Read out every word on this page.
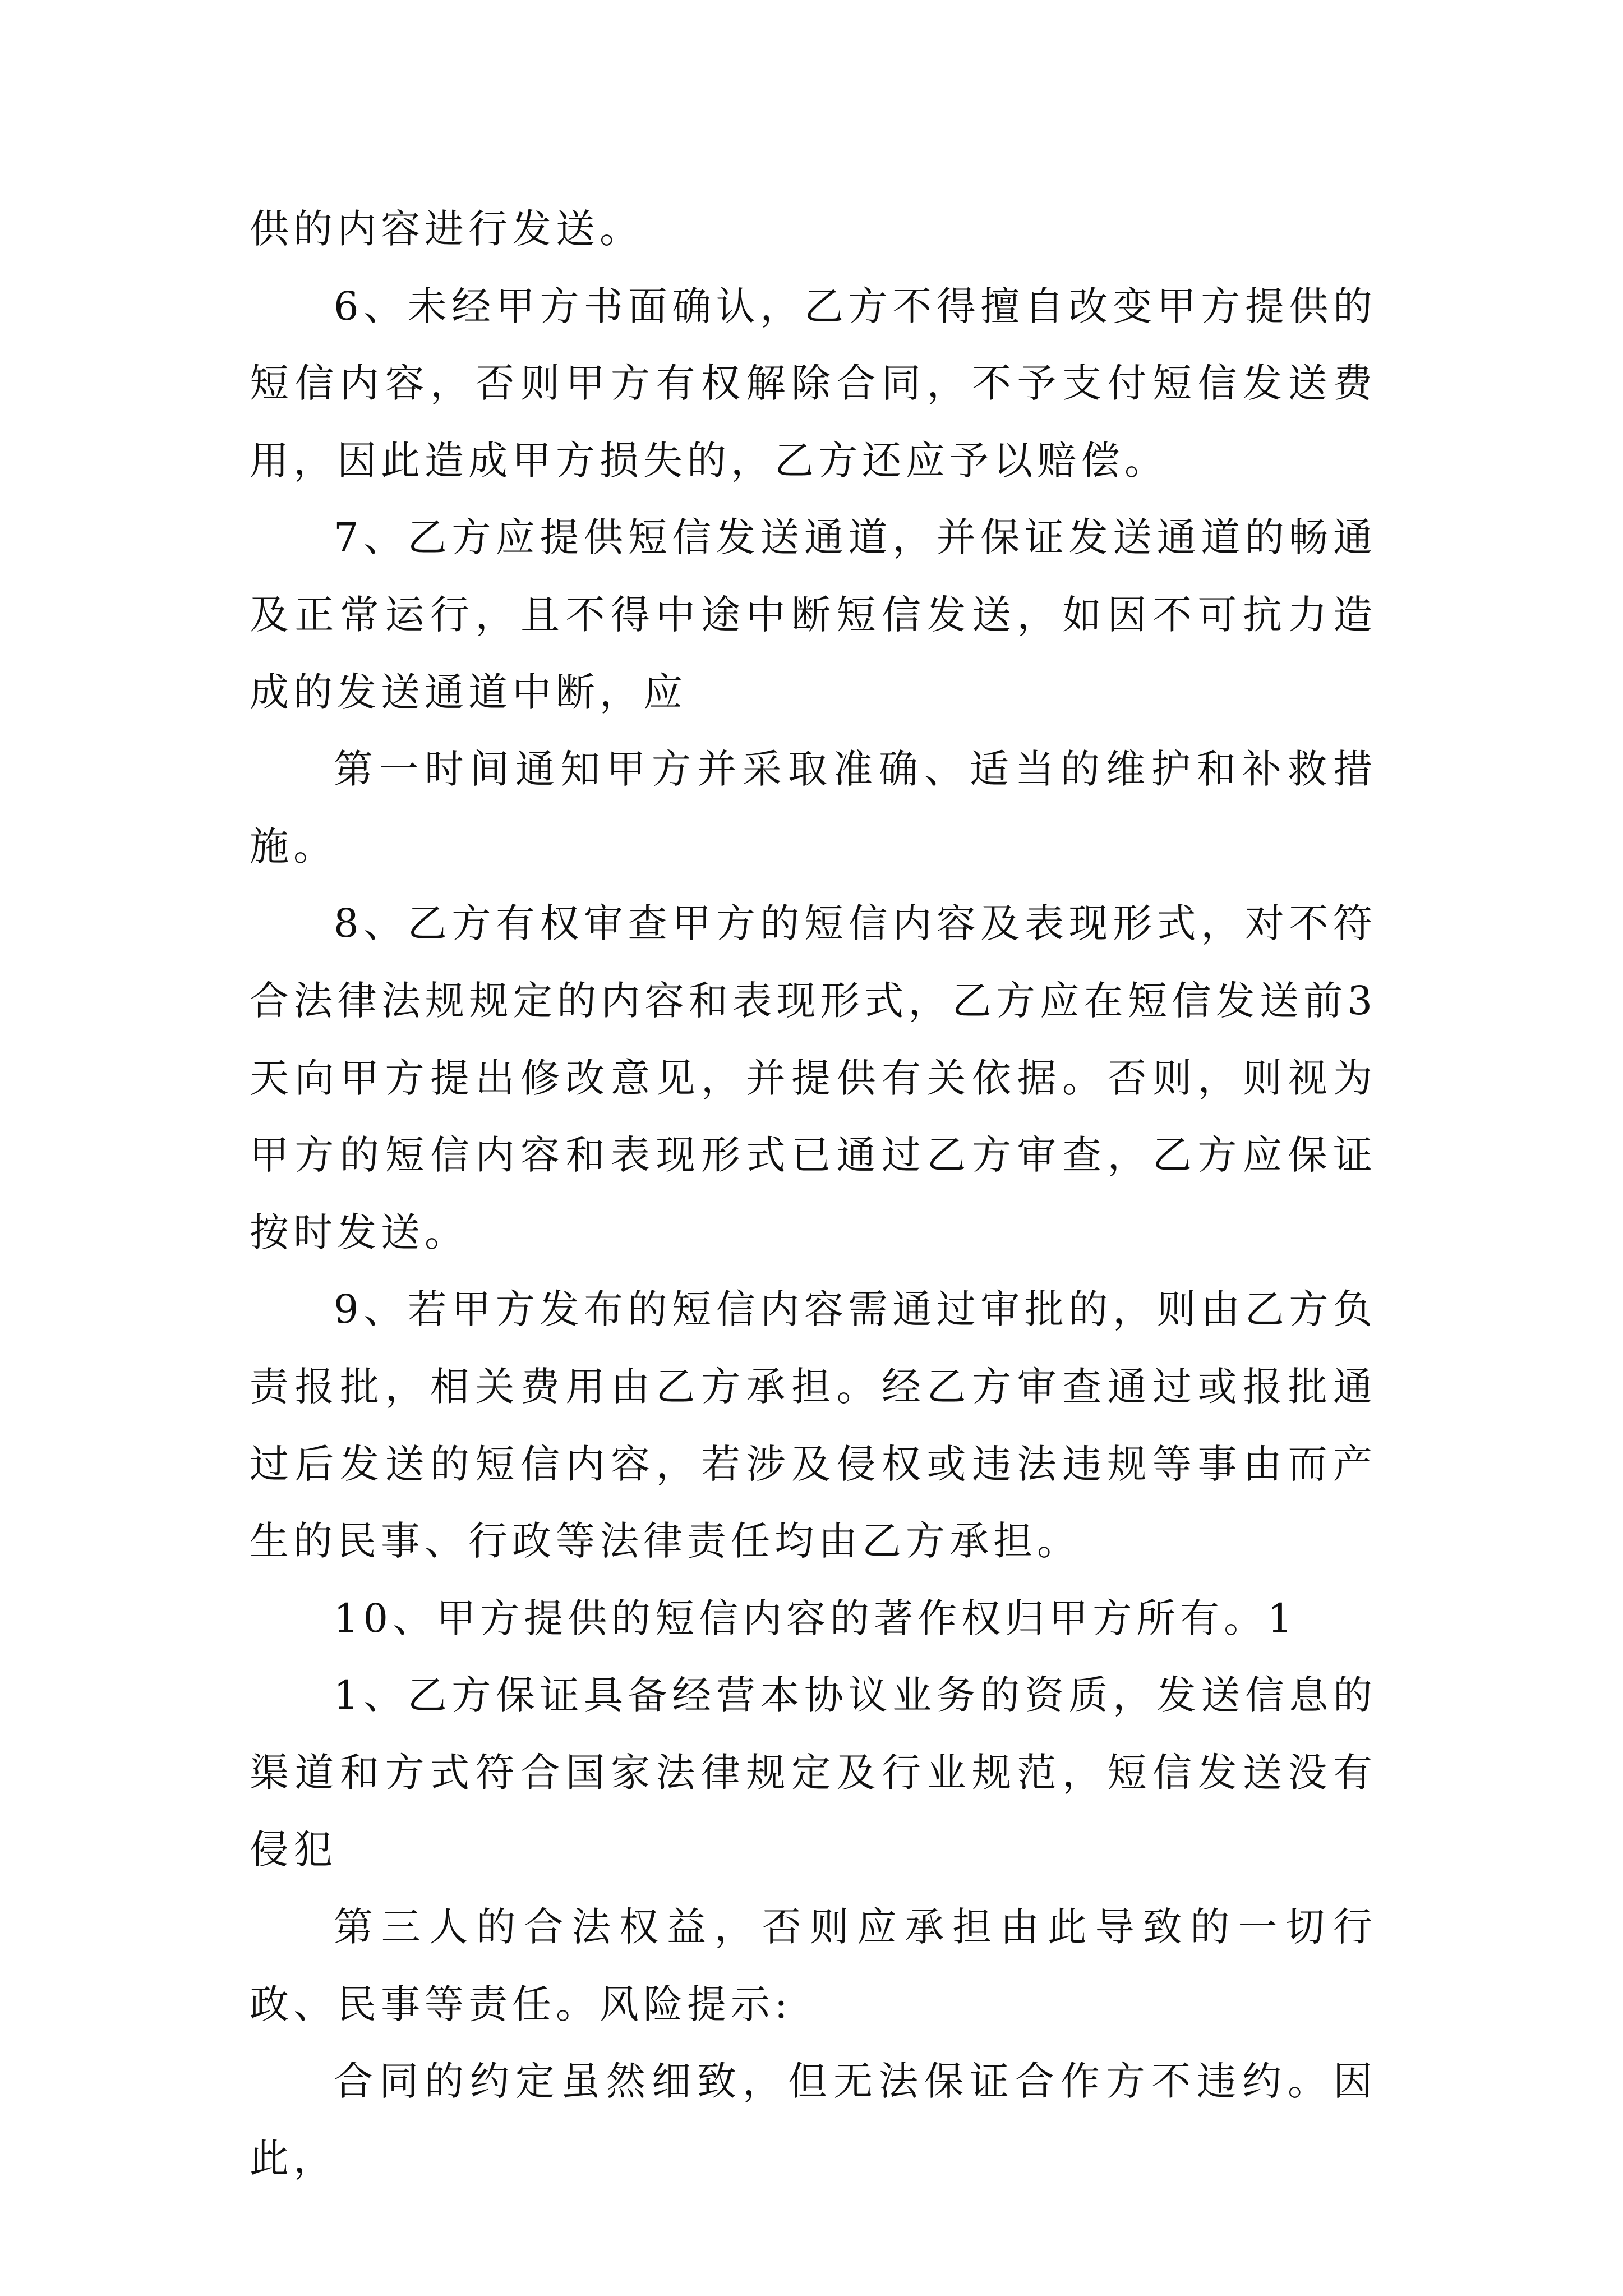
供的内容进行发送。

6、未经甲方书面确认，乙方不得擅自改变甲方提供的短信内容，否则甲方有权解除合同，不予支付短信发送费用，因此造成甲方损失的，乙方还应予以赔偿。

7、乙方应提供短信发送通道，并保证发送通道的畅通及正常运行，且不得中途中断短信发送，如因不可抗力造成的发送通道中断，应

第一时间通知甲方并采取准确、适当的维护和补救措施。

8、乙方有权审查甲方的短信内容及表现形式，对不符合法律法规规定的内容和表现形式，乙方应在短信发送前3天向甲方提出修改意见，并提供有关依据。否则，则视为甲方的短信内容和表现形式已通过乙方审查，乙方应保证按时发送。

9、若甲方发布的短信内容需通过审批的，则由乙方负责报批，相关费用由乙方承担。经乙方审查通过或报批通过后发送的短信内容，若涉及侵权或违法违规等事由而产生的民事、行政等法律责任均由乙方承担。

10、甲方提供的短信内容的著作权归甲方所有。1

1、乙方保证具备经营本协议业务的资质，发送信息的渠道和方式符合国家法律规定及行业规范，短信发送没有侵犯

第三人的合法权益，否则应承担由此导致的一切行政、民事等责任。风险提示:

合同的约定虽然细致，但无法保证合作方不违约。因此，
